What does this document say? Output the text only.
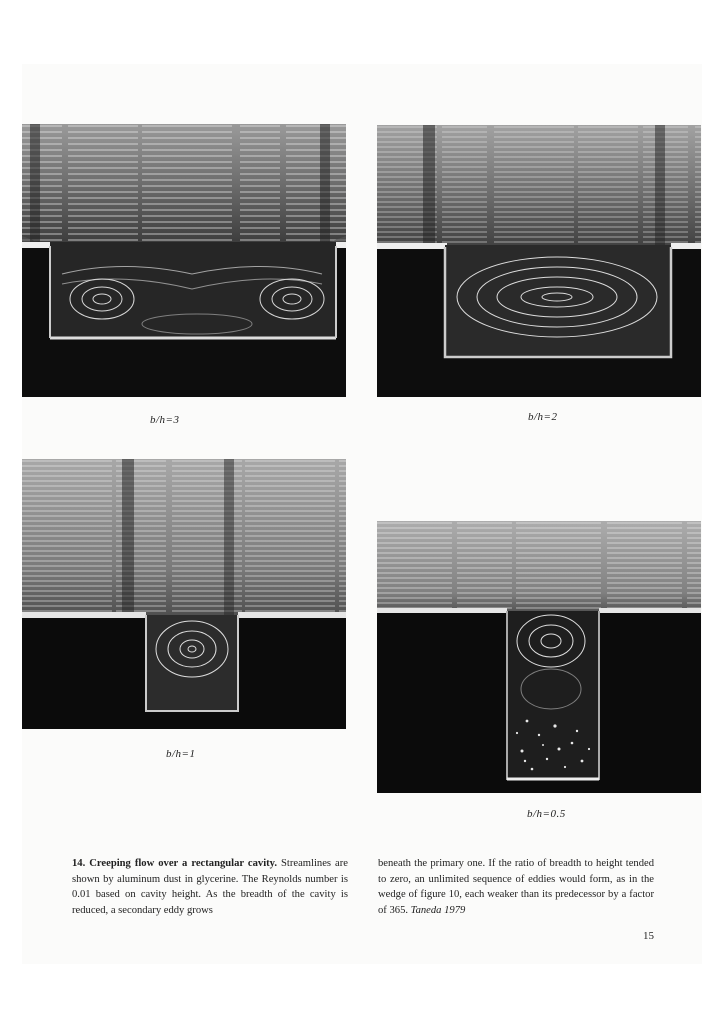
b/h=3	b/h=2
b/h=1
b/h=0.5
14. Creeping flow over a rectangular cavity. Streamlines are shown by aluminum dust in glycerine. The Reynolds number is 0.01 based on cavity height. As the breadth of the cavity is reduced, a secondary eddy grows
beneath the primary one. If the ratio of breadth to height tended to zero, an unlimited sequence of eddies would form, as in the wedge of figure 10, each weaker than its predecessor by a factor of 365. Taneda 1979
15
